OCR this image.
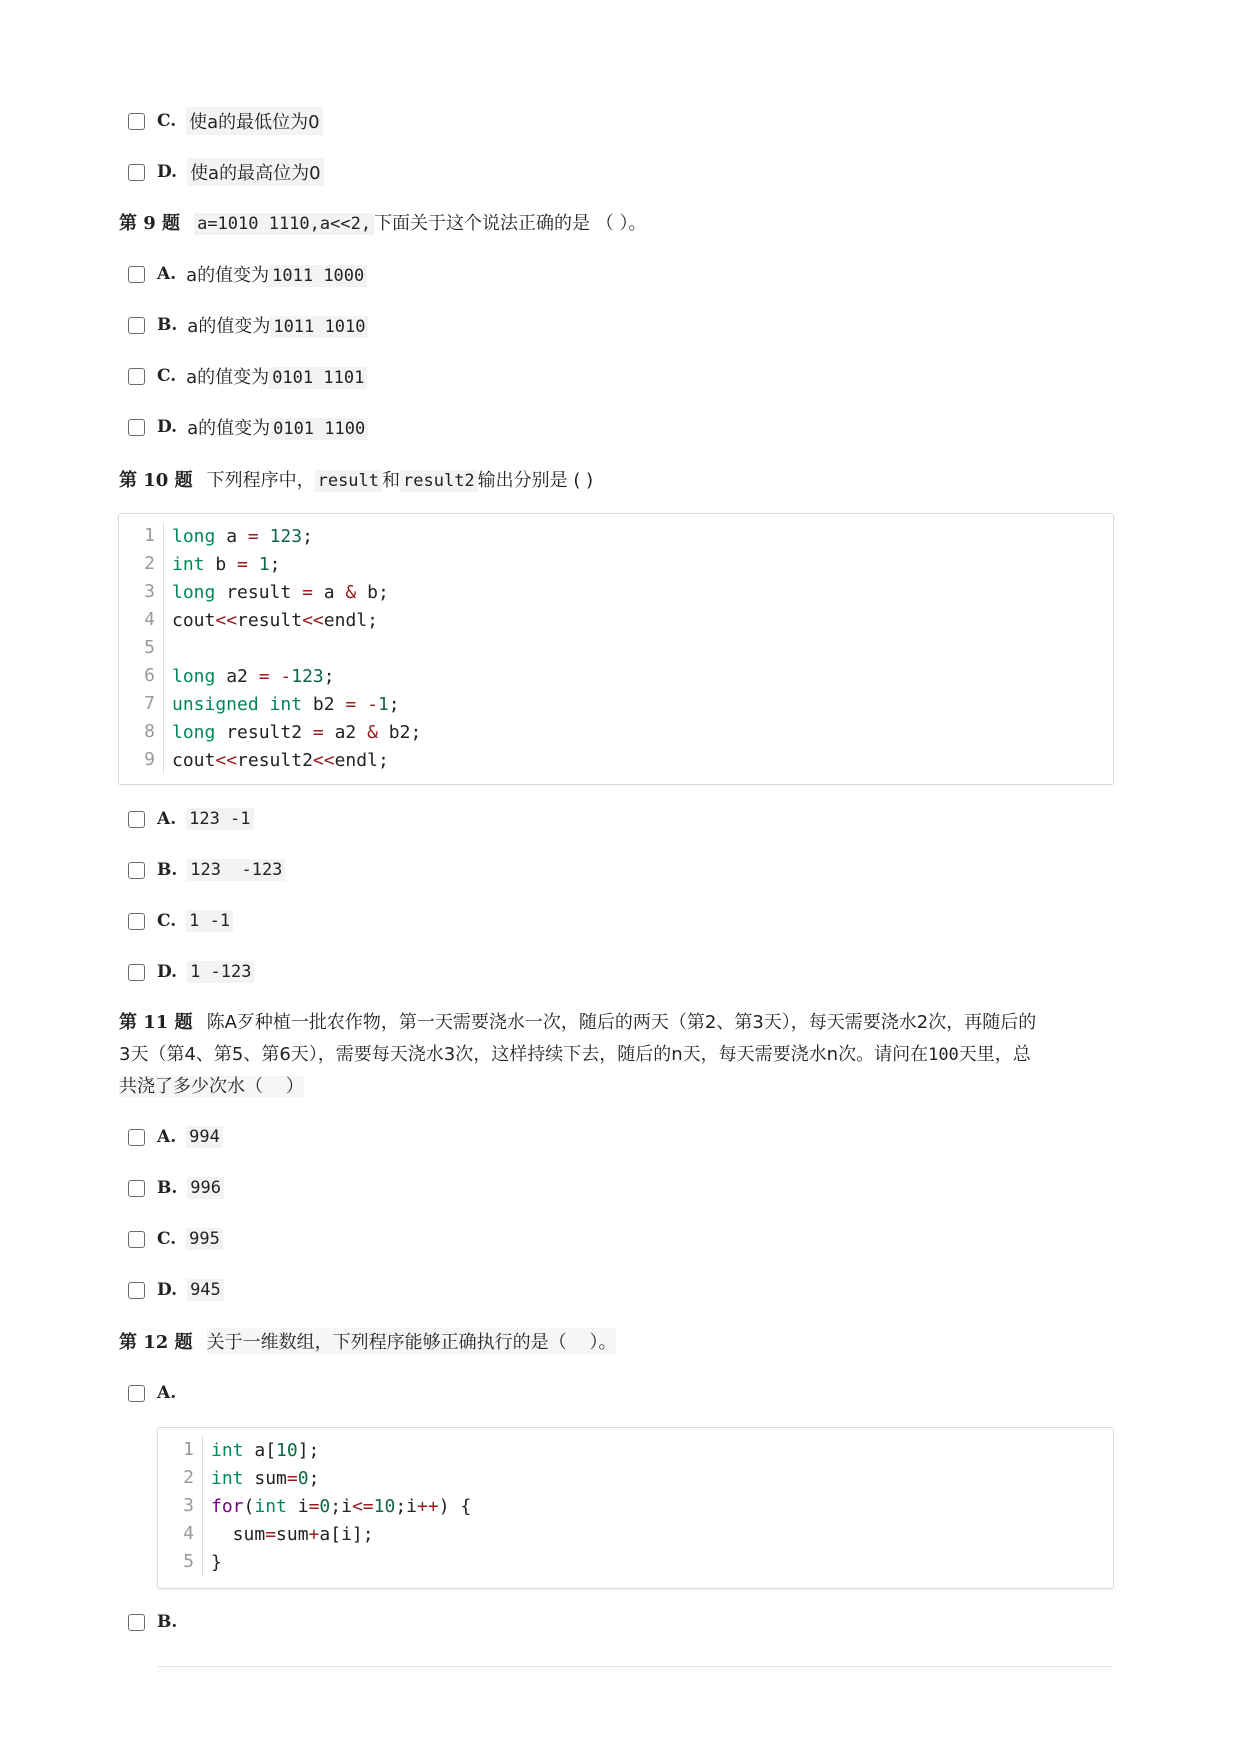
C. 使a的最低位为0
D. 使a的最高位为0
第 9 题 a=1010 1110,a<<2, 下面关于这个说法正确的是 （ ）。
A. a的值变为 1011 1000
B. a的值变为 1011 1010
C. a的值变为 0101 1101
D. a的值变为 0101 1100
第 10 题 下列程序中， result 和 result2 输出分别是 ( )
1 long a = 123;
2 int b = 1;
3 long result = a & b;
4 cout<<result<<endl;
5

6 long a2 = -123;
7 unsigned int b2 = -1;
8 long result2 = a2 & b2;
9 cout<<result2<<endl;
A. 123 -1
B. 123  -123
C. 1 -1
D. 1 -123
第 11 题 陈A歹种植一批农作物，第一天需要浇水一次，随后的两天（第2、第3天），每天需要浇水2次，再随后的
3天（第4、第5、第6天），需要每天浇水3次，这样持续下去，随后的n天，每天需要浇水n次。请问在100天里，总
共浇了多少次水（    ）
A. 994
B. 996
C. 995
D. 945
第 12 题 关于一维数组，下列程序能够正确执行的是（    ）。
A.
1 int a[10];
2 int sum=0;
3 for(int i=0;i<=10;i++) {
4 sum=sum+a[i];
5 }
B.
